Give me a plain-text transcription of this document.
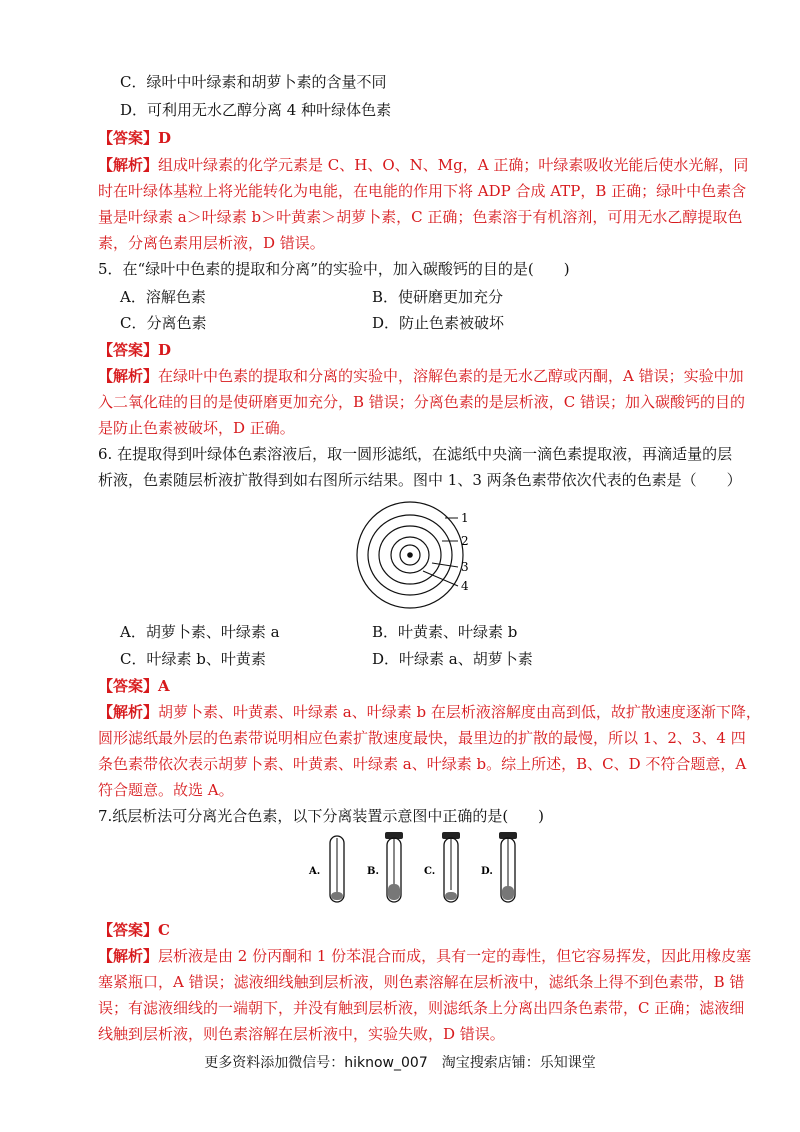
C．绿叶中叶绿素和胡萝卜素的含量不同
D．可利用无水乙醇分离 4 种叶绿体色素
【答案】D
【解析】组成叶绿素的化学元素是 C、H、O、N、Mg，A 正确；叶绿素吸收光能后使水光解，同
时在叶绿体基粒上将光能转化为电能，在电能的作用下将 ADP 合成 ATP，B 正确；绿叶中色素含
量是叶绿素 a＞叶绿素 b＞叶黄素＞胡萝卜素，C 正确；色素溶于有机溶剂，可用无水乙醇提取色
素，分离色素用层析液，D 错误。
5．在“绿叶中色素的提取和分离”的实验中，加入碳酸钙的目的是(　　)
A．溶解色素	B．使研磨更加充分
C．分离色素	D．防止色素被破坏
【答案】D
【解析】在绿叶中色素的提取和分离的实验中，溶解色素的是无水乙醇或丙酮，A 错误；实验中加
入二氧化硅的目的是使研磨更加充分，B 错误；分离色素的是层析液，C 错误；加入碳酸钙的目的
是防止色素被破坏，D 正确。
6. 在提取得到叶绿体色素溶液后，取一圆形滤纸，在滤纸中央滴一滴色素提取液，再滴适量的层
析液，色素随层析液扩散得到如右图所示结果。图中 1、3 两条色素带依次代表的色素是（　　）
1
2
3
4
A．胡萝卜素、叶绿素 a	B．叶黄素、叶绿素 b
C．叶绿素 b、叶黄素	D．叶绿素 a、胡萝卜素
【答案】A
【解析】胡萝卜素、叶黄素、叶绿素 a、叶绿素 b 在层析液溶解度由高到低，故扩散速度逐渐下降，
圆形滤纸最外层的色素带说明相应色素扩散速度最快，最里边的扩散的最慢，所以 1、2、3、4 四
条色素带依次表示胡萝卜素、叶黄素、叶绿素 a、叶绿素 b。综上所述，B、C、D 不符合题意，A
符合题意。故选 A。
7.纸层析法可分离光合色素，以下分离装置示意图中正确的是(　　)
A.	B.	C.	D.
【答案】C
【解析】层析液是由 2 份丙酮和 1 份苯混合而成，具有一定的毒性，但它容易挥发，因此用橡皮塞
塞紧瓶口，A 错误；滤液细线触到层析液，则色素溶解在层析液中，滤纸条上得不到色素带，B 错
误；有滤液细线的一端朝下，并没有触到层析液，则滤纸条上分离出四条色素带，C 正确；滤液细
线触到层析液，则色素溶解在层析液中，实验失败，D 错误。
更多资料添加微信号：hiknow_007　淘宝搜索店铺：乐知课堂
